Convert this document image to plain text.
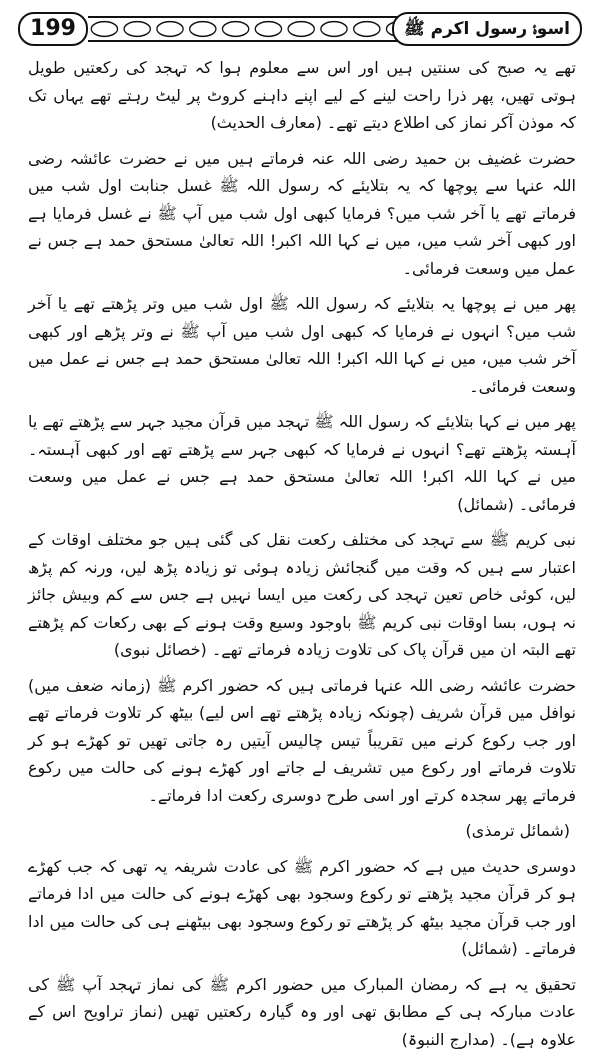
199	اسوۂ رسول اکرم ﷺ

تھے یہ صبح کی سنتیں ہیں اور اس سے معلوم ہوا کہ تہجد کی رکعتیں طویل ہوتی تھیں، پھر ذرا راحت لینے کے لیے اپنے داہنے کروٹ پر لیٹ رہتے تھے یہاں تک کہ موذن آکر نماز کی اطلاع دیتے تھے۔ (معارف الحدیث)

حضرت غضیف بن حمید رضی اللہ عنہ فرماتے ہیں میں نے حضرت عائشہ رضی اللہ عنہا سے پوچھا کہ یہ بتلایئے کہ رسول اللہ ﷺ غسل جنابت اول شب میں فرماتے تھے یا آخر شب میں؟ فرمایا کبھی اول شب میں آپ ﷺ نے غسل فرمایا ہے اور کبھی آخر شب میں، میں نے کہا اللہ اکبر! اللہ تعالیٰ مستحق حمد ہے جس نے عمل میں وسعت فرمائی۔

پھر میں نے پوچھا یہ بتلایئے کہ رسول اللہ ﷺ اول شب میں وتر پڑھتے تھے یا آخر شب میں؟ انہوں نے فرمایا کہ کبھی اول شب میں آپ ﷺ نے وتر پڑھے اور کبھی آخر شب میں، میں نے کہا اللہ اکبر! اللہ تعالیٰ مستحق حمد ہے جس نے عمل میں وسعت فرمائی۔

پھر میں نے کہا بتلایئے کہ رسول اللہ ﷺ تہجد میں قرآن مجید جہر سے پڑھتے تھے یا آہستہ پڑھتے تھے؟ انہوں نے فرمایا کہ کبھی جہر سے پڑھتے تھے اور کبھی آہستہ۔ میں نے کہا اللہ اکبر! اللہ تعالیٰ مستحق حمد ہے جس نے عمل میں وسعت فرمائی۔ (شمائل)

نبی کریم ﷺ سے تہجد کی مختلف رکعت نقل کی گئی ہیں جو مختلف اوقات کے اعتبار سے ہیں کہ وقت میں گنجائش زیادہ ہوئی تو زیادہ پڑھ لیں، ورنہ کم پڑھ لیں، کوئی خاص تعین تہجد کی رکعت میں ایسا نہیں ہے جس سے کم وبیش جائز نہ ہوں، بسا اوقات نبی کریم ﷺ باوجود وسیع وقت ہونے کے بھی رکعات کم پڑھتے تھے البتہ ان میں قرآن پاک کی تلاوت زیادہ فرماتے تھے۔ (خصائل نبوی)

حضرت عائشہ رضی اللہ عنہا فرماتی ہیں کہ حضور اکرم ﷺ (زمانہ ضعف میں) نوافل میں قرآن شریف (چونکہ زیادہ پڑھتے تھے اس لیے) بیٹھ کر تلاوت فرماتے تھے اور جب رکوع کرنے میں تقریباً تیس چالیس آیتیں رہ جاتی تھیں تو کھڑے ہو کر تلاوت فرماتے اور رکوع میں تشریف لے جاتے اور کھڑے ہونے کی حالت میں رکوع فرماتے پھر سجدہ کرتے اور اسی طرح دوسری رکعت ادا فرماتے۔

(شمائل ترمذی)

دوسری حدیث میں ہے کہ حضور اکرم ﷺ کی عادت شریفہ یہ تھی کہ جب کھڑے ہو کر قرآن مجید پڑھتے تو رکوع وسجود بھی کھڑے ہونے کی حالت میں ادا فرماتے اور جب قرآن مجید بیٹھ کر پڑھتے تو رکوع وسجود بھی بیٹھنے ہی کی حالت میں ادا فرماتے۔ (شمائل)

تحقیق یہ ہے کہ رمضان المبارک میں حضور اکرم ﷺ کی نماز تہجد آپ ﷺ کی عادت مبارکہ ہی کے مطابق تھی اور وہ گیارہ رکعتیں تھیں (نماز تراویح اس کے علاوہ ہے)۔ (مدارج النبوۃ)
